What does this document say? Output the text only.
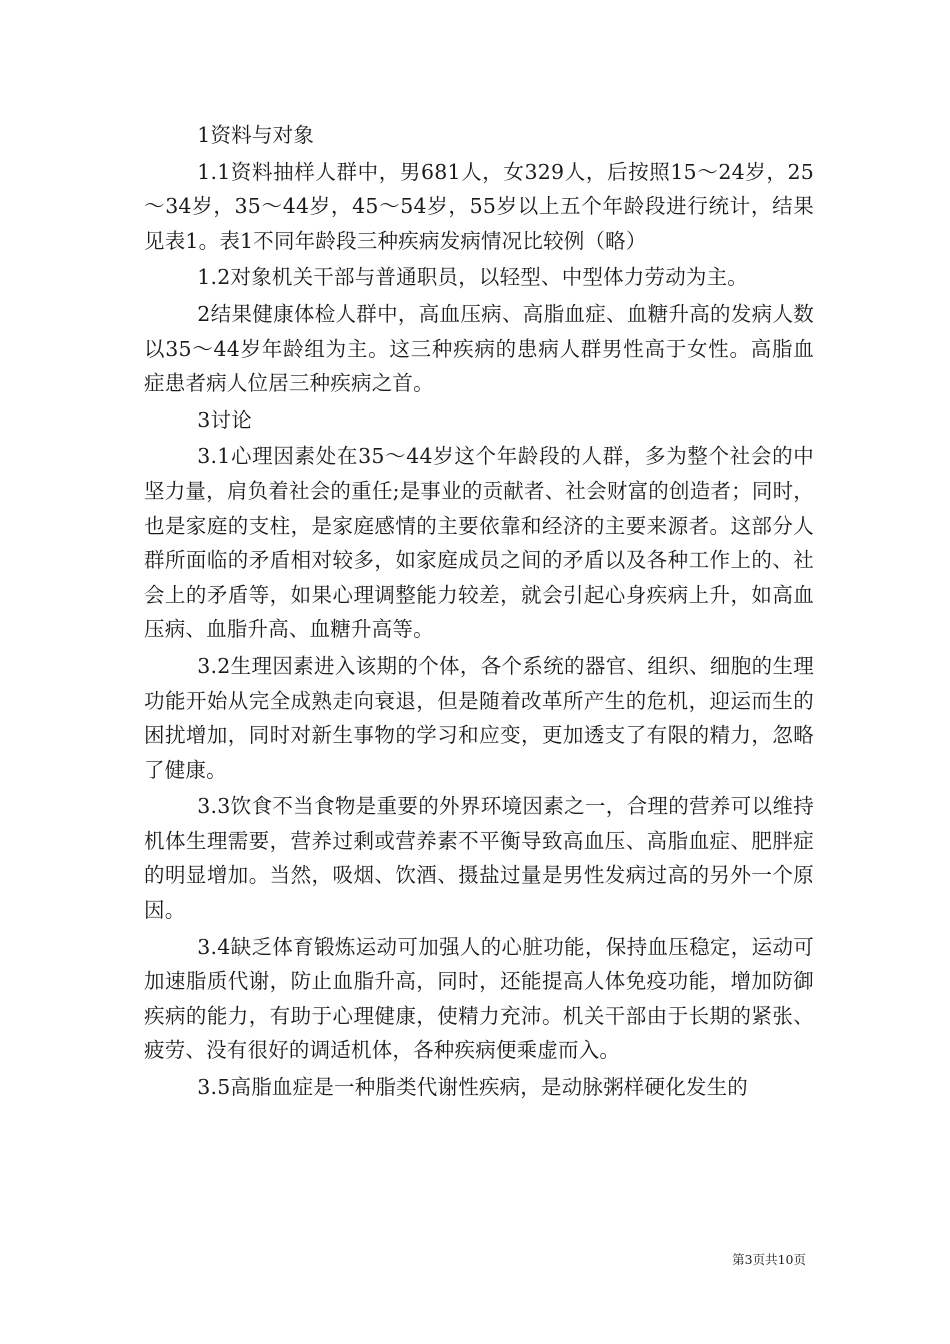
1资料与对象

1.1资料抽样人群中，男681人，女329人，后按照15～24岁，25～34岁，35～44岁，45～54岁，55岁以上五个年龄段进行统计，结果见表1。表1不同年龄段三种疾病发病情况比较例（略）

1.2对象机关干部与普通职员，以轻型、中型体力劳动为主。

2结果健康体检人群中，高血压病、高脂血症、血糖升高的发病人数以35～44岁年龄组为主。这三种疾病的患病人群男性高于女性。高脂血症患者病人位居三种疾病之首。

3讨论

3.1心理因素处在35～44岁这个年龄段的人群，多为整个社会的中坚力量，肩负着社会的重任;是事业的贡献者、社会财富的创造者；同时，也是家庭的支柱，是家庭感情的主要依靠和经济的主要来源者。这部分人群所面临的矛盾相对较多，如家庭成员之间的矛盾以及各种工作上的、社会上的矛盾等，如果心理调整能力较差，就会引起心身疾病上升，如高血压病、血脂升高、血糖升高等。

3.2生理因素进入该期的个体，各个系统的器官、组织、细胞的生理功能开始从完全成熟走向衰退，但是随着改革所产生的危机，迎运而生的困扰增加，同时对新生事物的学习和应变，更加透支了有限的精力，忽略了健康。

3.3饮食不当食物是重要的外界环境因素之一，合理的营养可以维持机体生理需要，营养过剩或营养素不平衡导致高血压、高脂血症、肥胖症的明显增加。当然，吸烟、饮酒、摄盐过量是男性发病过高的另外一个原因。

3.4缺乏体育锻炼运动可加强人的心脏功能，保持血压稳定，运动可加速脂质代谢，防止血脂升高，同时，还能提高人体免疫功能，增加防御疾病的能力，有助于心理健康，使精力充沛。机关干部由于长期的紧张、疲劳、没有很好的调适机体，各种疾病便乘虚而入。

3.5高脂血症是一种脂类代谢性疾病，是动脉粥样硬化发生的

第3页共10页
